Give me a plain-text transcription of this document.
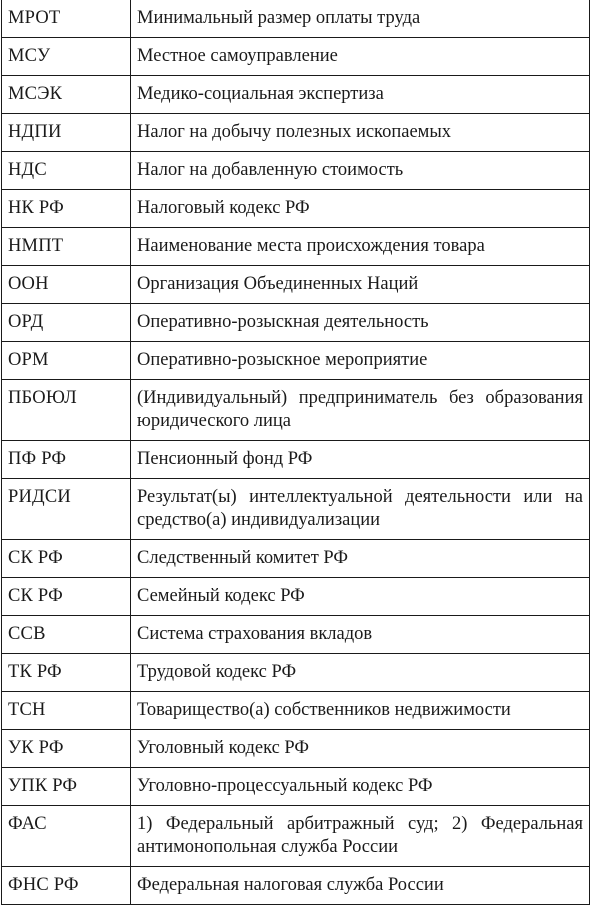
МРОТ	Минимальный размер оплаты труда
МСУ	Местное самоуправление
МСЭК	Медико-социальная экспертиза
НДПИ	Налог на добычу полезных ископаемых
НДС	Налог на добавленную стоимость
НК РФ	Налоговый кодекс РФ
НМПТ	Наименование места происхождения товара
ООН	Организация Объединенных Наций
ОРД	Оперативно-розыскная деятельность
ОРМ	Оперативно-розыскное мероприятие
ПБОЮЛ	(Индивидуальный) предприниматель без образования юридического лица
ПФ РФ	Пенсионный фонд РФ
РИДСИ	Результат(ы) интеллектуальной деятельности или на средство(а) индивидуализации
СК РФ	Следственный комитет РФ
СК РФ	Семейный кодекс РФ
ССВ	Система страхования вкладов
ТК РФ	Трудовой кодекс РФ
ТСН	Товарищество(а) собственников недвижимости
УК РФ	Уголовный кодекс РФ
УПК РФ	Уголовно-процессуальный кодекс РФ
ФАС	1) Федеральный арбитражный суд; 2) Федеральная антимонопольная служба России
ФНС РФ	Федеральная налоговая служба России
